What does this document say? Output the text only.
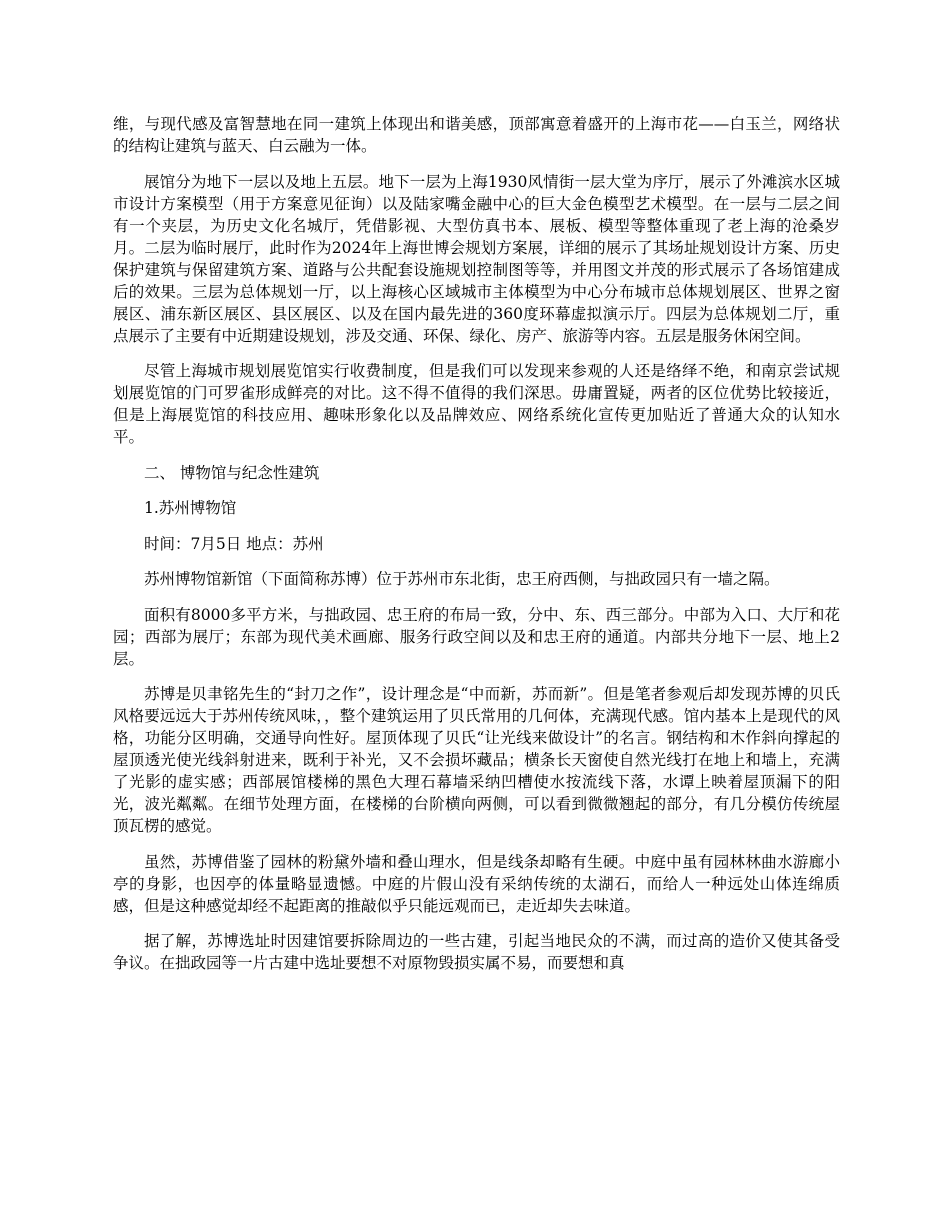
维，与现代感及富智慧地在同一建筑上体现出和谐美感，顶部寓意着盛开的上海市花——白玉兰，网络状的结构让建筑与蓝天、白云融为一体。

展馆分为地下一层以及地上五层。地下一层为上海1930风情街一层大堂为序厅，展示了外滩滨水区城市设计方案模型（用于方案意见征询）以及陆家嘴金融中心的巨大金色模型艺术模型。在一层与二层之间有一个夹层，为历史文化名城厅，凭借影视、大型仿真书本、展板、模型等整体重现了老上海的沧桑岁月。二层为临时展厅，此时作为2024年上海世博会规划方案展，详细的展示了其场址规划设计方案、历史保护建筑与保留建筑方案、道路与公共配套设施规划控制图等等，并用图文并茂的形式展示了各场馆建成后的效果。三层为总体规划一厅，以上海核心区域城市主体模型为中心分布城市总体规划展区、世界之窗展区、浦东新区展区、县区展区、以及在国内最先进的360度环幕虚拟演示厅。四层为总体规划二厅，重点展示了主要有中近期建设规划，涉及交通、环保、绿化、房产、旅游等内容。五层是服务休闲空间。

尽管上海城市规划展览馆实行收费制度，但是我们可以发现来参观的人还是络绎不绝，和南京尝试规划展览馆的门可罗雀形成鲜亮的对比。这不得不值得的我们深思。毋庸置疑，两者的区位优势比较接近，但是上海展览馆的科技应用、趣味形象化以及品牌效应、网络系统化宣传更加贴近了普通大众的认知水平。

二、 博物馆与纪念性建筑

1.苏州博物馆

时间：7月5日 地点：苏州

苏州博物馆新馆（下面简称苏博）位于苏州市东北街，忠王府西侧，与拙政园只有一墙之隔。

面积有8000多平方米，与拙政园、忠王府的布局一致，分中、东、西三部分。中部为入口、大厅和花园；西部为展厅；东部为现代美术画廊、服务行政空间以及和忠王府的通道。内部共分地下一层、地上2层。

苏博是贝聿铭先生的“封刀之作”，设计理念是“中而新，苏而新”。但是笔者参观后却发现苏博的贝氏风格要远远大于苏州传统风味，，整个建筑运用了贝氏常用的几何体，充满现代感。馆内基本上是现代的风格，功能分区明确，交通导向性好。屋顶体现了贝氏“让光线来做设计”的名言。钢结构和木作斜向撑起的屋顶透光使光线斜射进来，既利于补光，又不会损坏藏品；横条长天窗使自然光线打在地上和墙上，充满了光影的虚实感；西部展馆楼梯的黑色大理石幕墙采纳凹槽使水按流线下落，水谭上映着屋顶漏下的阳光，波光粼粼。在细节处理方面，在楼梯的台阶横向两侧，可以看到微微翘起的部分，有几分模仿传统屋顶瓦楞的感觉。

虽然，苏博借鉴了园林的粉黛外墙和叠山理水，但是线条却略有生硬。中庭中虽有园林林曲水游廊小亭的身影，也因亭的体量略显遗憾。中庭的片假山没有采纳传统的太湖石，而给人一种远处山体连绵质感，但是这种感觉却经不起距离的推敲似乎只能远观而已，走近却失去味道。

据了解，苏博选址时因建馆要拆除周边的一些古建，引起当地民众的不满，而过高的造价又使其备受争议。在拙政园等一片古建中选址要想不对原物毁损实属不易，而要想和真
